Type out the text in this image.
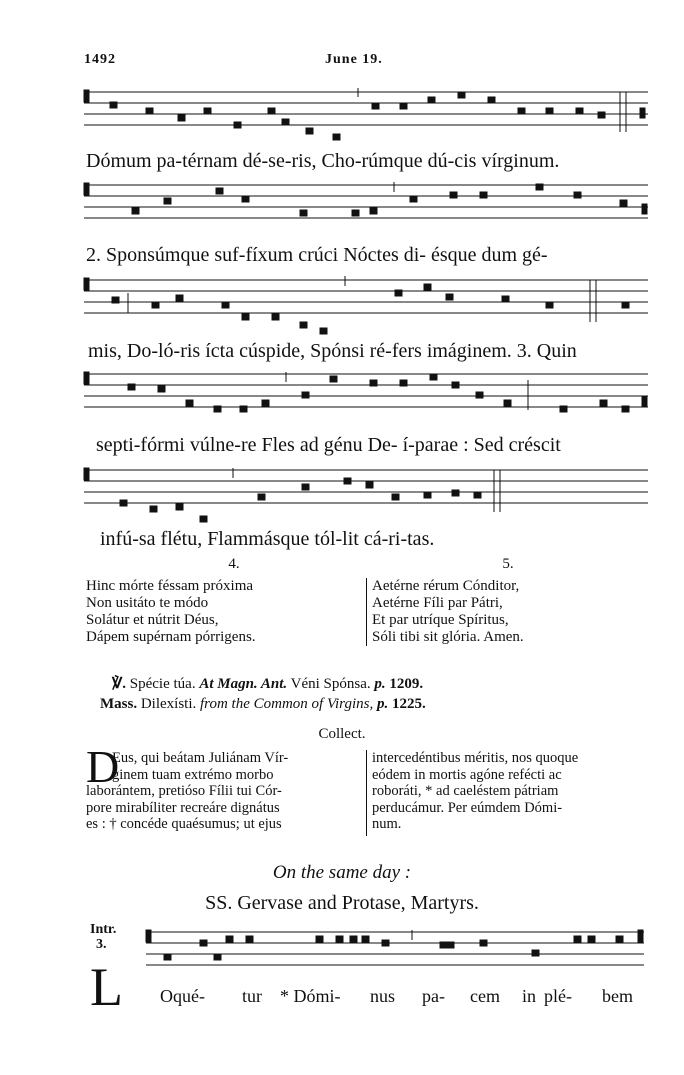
1492	June 19.
Dómum pa-térnam dé-se-ris, Cho-rúmque dú-cis vírginum.
2. Sponsúmque suf-fíxum crúci Nóctes di- ésque dum gé-
mis, Do-ló-ris ícta cúspide, Spónsi ré-fers imáginem. 3. Quin
septi-fórmi vúlne-re Fles ad génu De- í-parae : Sed créscit
infú-sa flétu, Flammásque tól-lit cá-ri-tas.
4.	5.
Hinc mórte féssam próxima
Non usitáto te módo
Solátur et nútrit Déus,
Dápem supérnam pórrigens.
Aetérne rérum Cónditor,
Aetérne Fíli par Pátri,
Et par utríque Spíritus,
Sóli tibi sit glória. Amen.
℣. Spécie túa. At Magn. Ant. Véni Spónsa. p. 1209.
Mass. Dilexísti. from the Common of Virgins, p. 1225.
Collect.
D
Eus, qui beátam Juliánam Vír-
ginem tuam extrémo morbo
laborántem, pretióso Fílii tui Cór-
pore mirabíliter recreáre dignátus
es : † concéde quaésumus; ut ejus
intercedéntibus méritis, nos quoque
eódem in mortis agóne refécti ac
roboráti, * ad caeléstem pátriam
perducámur. Per eúmdem Dómi-
num.
On the same day :
SS. Gervase and Protase, Martyrs.
Intr.
3.
L Oqué- tur * Dómi- nus pa- cem in plé- bem
